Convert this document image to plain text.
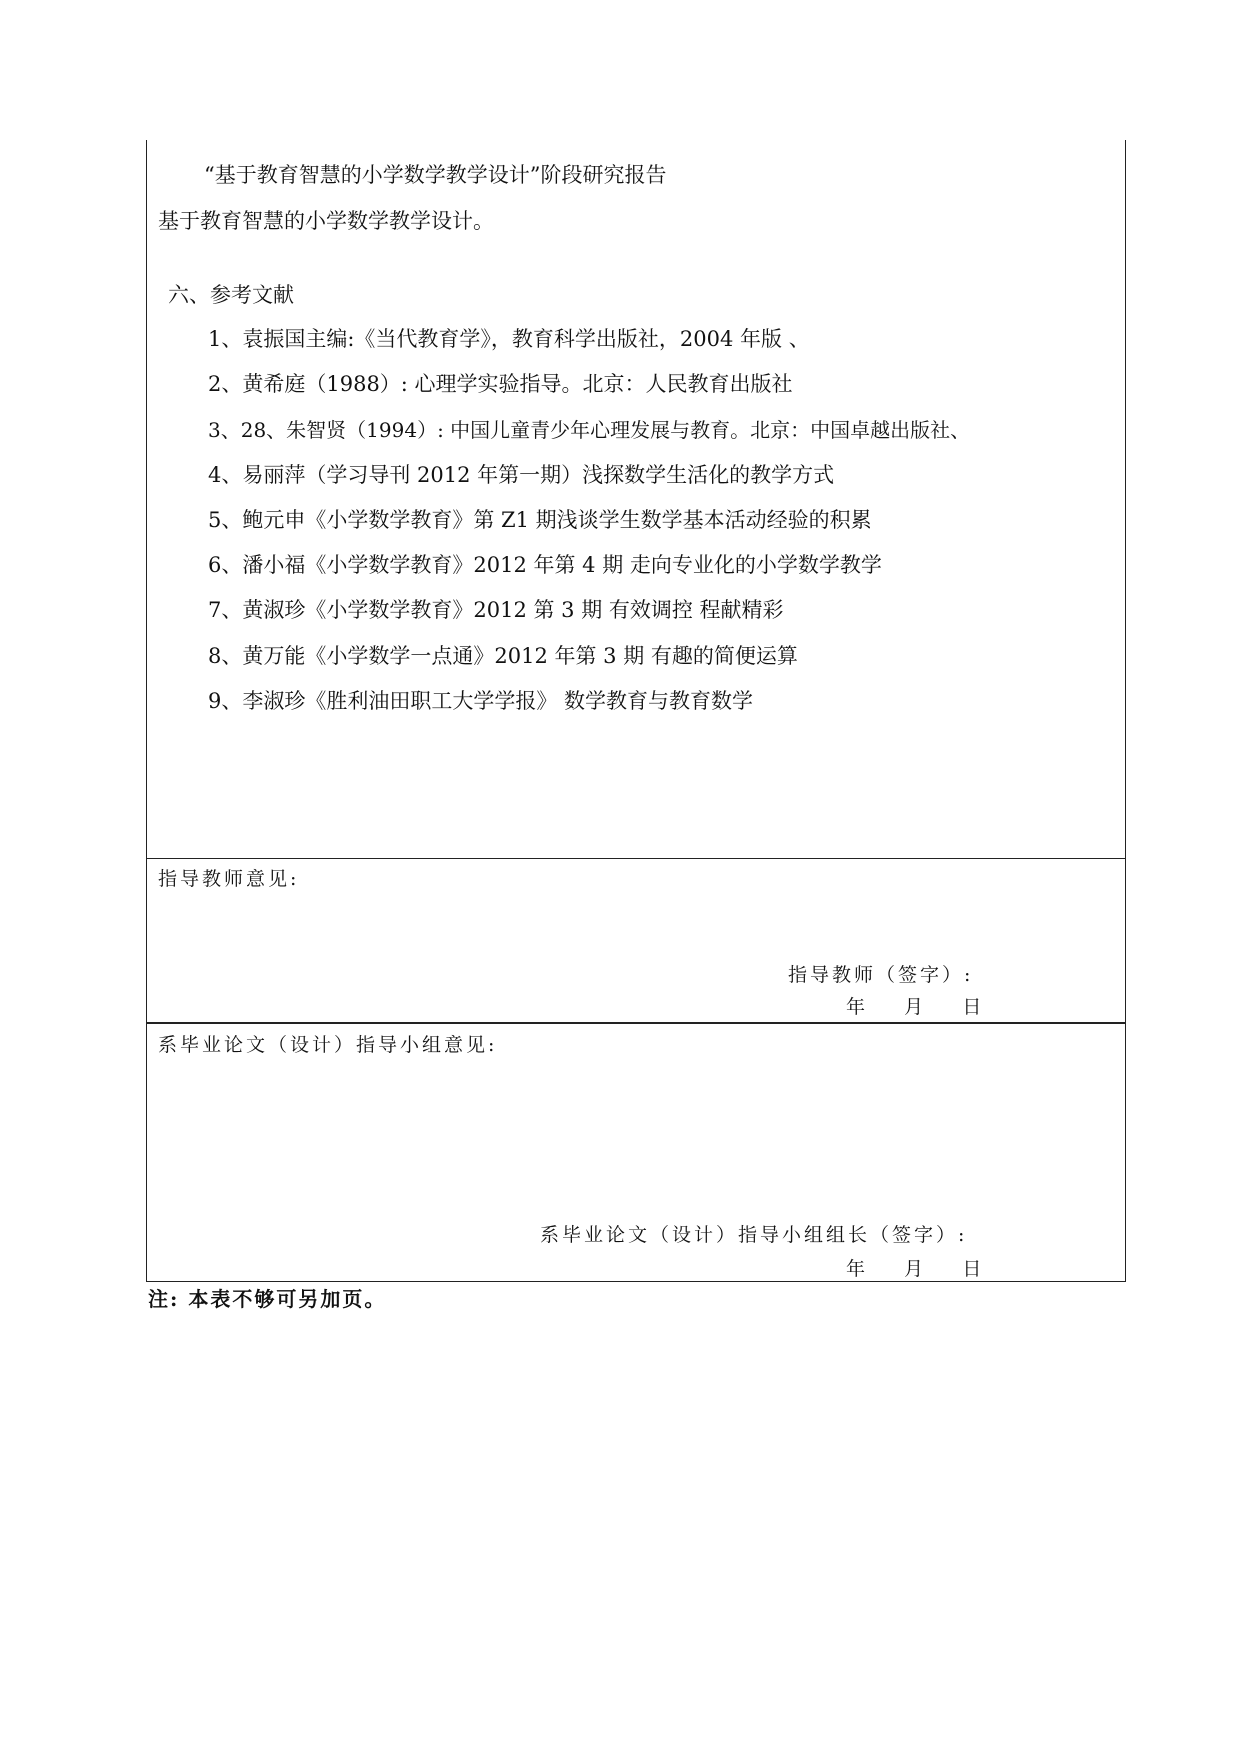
“基于教育智慧的小学数学教学设计”阶段研究报告
基于教育智慧的小学数学教学设计。
六、参考文献
1、袁振国主编:《当代教育学》，教育科学出版社，2004 年版 、
2、黄希庭（1988）: 心理学实验指导。北京：人民教育出版社
3、28、朱智贤（1994）: 中国儿童青少年心理发展与教育。北京：中国卓越出版社、
4、易丽萍（学习导刊 2012 年第一期）浅探数学生活化的教学方式
5、鲍元申《小学数学教育》第 Z1 期浅谈学生数学基本活动经验的积累
6、潘小福《小学数学教育》2012 年第 4 期 走向专业化的小学数学教学
7、黄淑珍《小学数学教育》2012 第 3 期 有效调控 程献精彩
8、黄万能《小学数学一点通》2012 年第 3 期 有趣的简便运算
9、李淑珍《胜利油田职工大学学报》 数学教育与教育数学
指导教师意见:
指导教师（签字）:
年    月    日
系毕业论文（设计）指导小组意见:
系毕业论文（设计）指导小组组长（签字）:
年    月    日
注: 本表不够可另加页。
